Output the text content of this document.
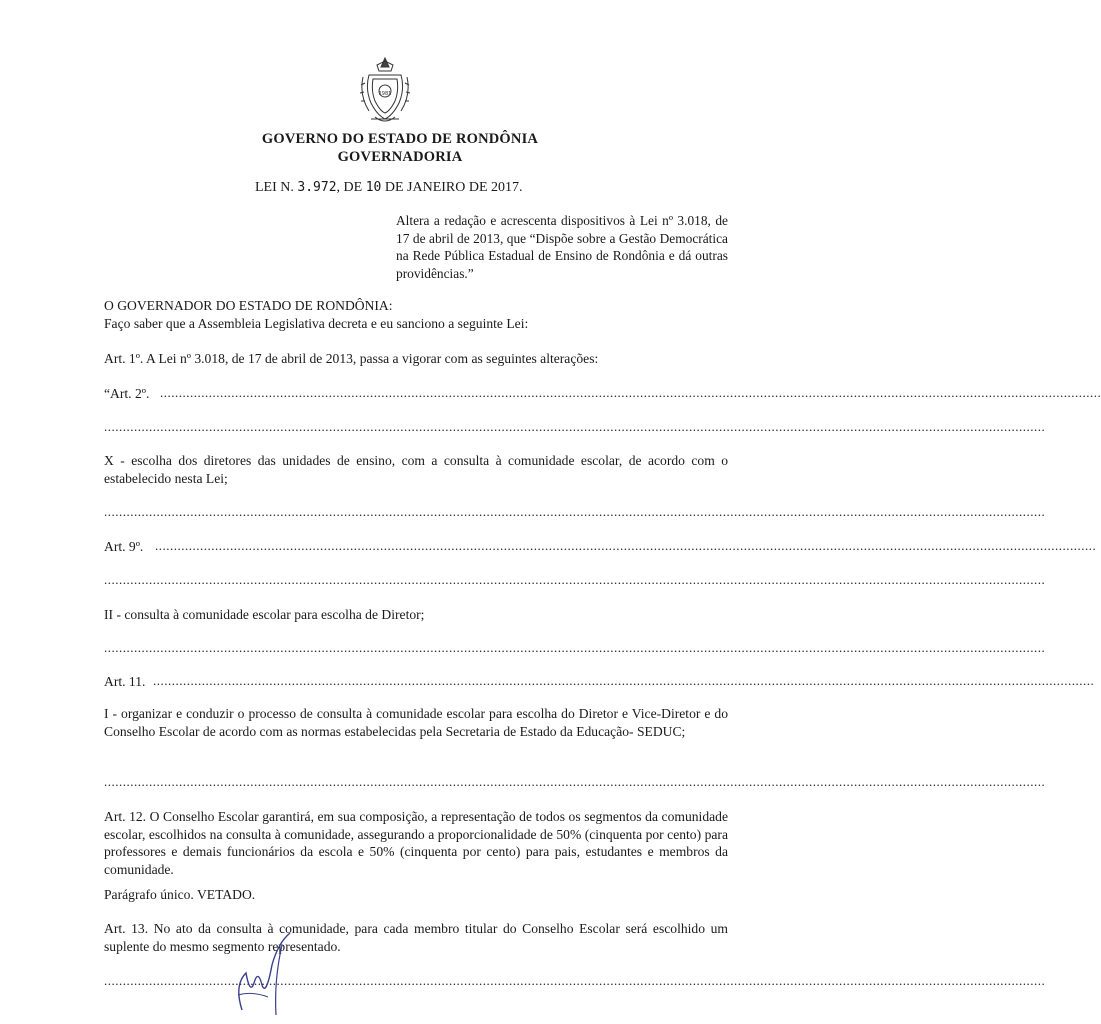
1981
GOVERNO DO ESTADO DE RONDÔNIA
GOVERNADORIA
LEI N. 3.972, DE 10 DE JANEIRO DE 2017.
Altera a redação e acrescenta dispositivos à Lei nº 3.018, de 17 de abril de 2013, que “Dispõe sobre a Gestão Democrática na Rede Pública Estadual de Ensino de Rondônia e dá outras providências.”
O GOVERNADOR DO ESTADO DE RONDÔNIA:
Faço saber que a Assembleia Legislativa decreta e eu sanciono a seguinte Lei:
Art. 1º. A Lei nº 3.018, de 17 de abril de 2013, passa a vigorar com as seguintes alterações:
“Art. 2º. ...........................................................................................................................................................................................................................................................
...........................................................................................................................................................................................................................................................
X - escolha dos diretores das unidades de ensino, com a consulta à comunidade escolar, de acordo com o estabelecido nesta Lei;
...........................................................................................................................................................................................................................................................
Art. 9º. ...........................................................................................................................................................................................................................................................
...........................................................................................................................................................................................................................................................
II - consulta à comunidade escolar para escolha de Diretor;
...........................................................................................................................................................................................................................................................
Art. 11. ...........................................................................................................................................................................................................................................................
I - organizar e conduzir o processo de consulta à comunidade escolar para escolha do Diretor e Vice-Diretor e do Conselho Escolar de acordo com as normas estabelecidas pela Secretaria de Estado da Educação- SEDUC;
...........................................................................................................................................................................................................................................................
Art. 12. O Conselho Escolar garantirá, em sua composição, a representação de todos os segmentos da comunidade escolar, escolhidos na consulta à comunidade, assegurando a proporcionalidade de 50% (cinquenta por cento) para professores e demais funcionários da escola e 50% (cinquenta por cento) para pais, estudantes e membros da comunidade.
Parágrafo único. VETADO.
Art. 13. No ato da consulta à comunidade, para cada membro titular do Conselho Escolar será escolhido um suplente do mesmo segmento representado.
...........................................................................................................................................................................................................................................................
